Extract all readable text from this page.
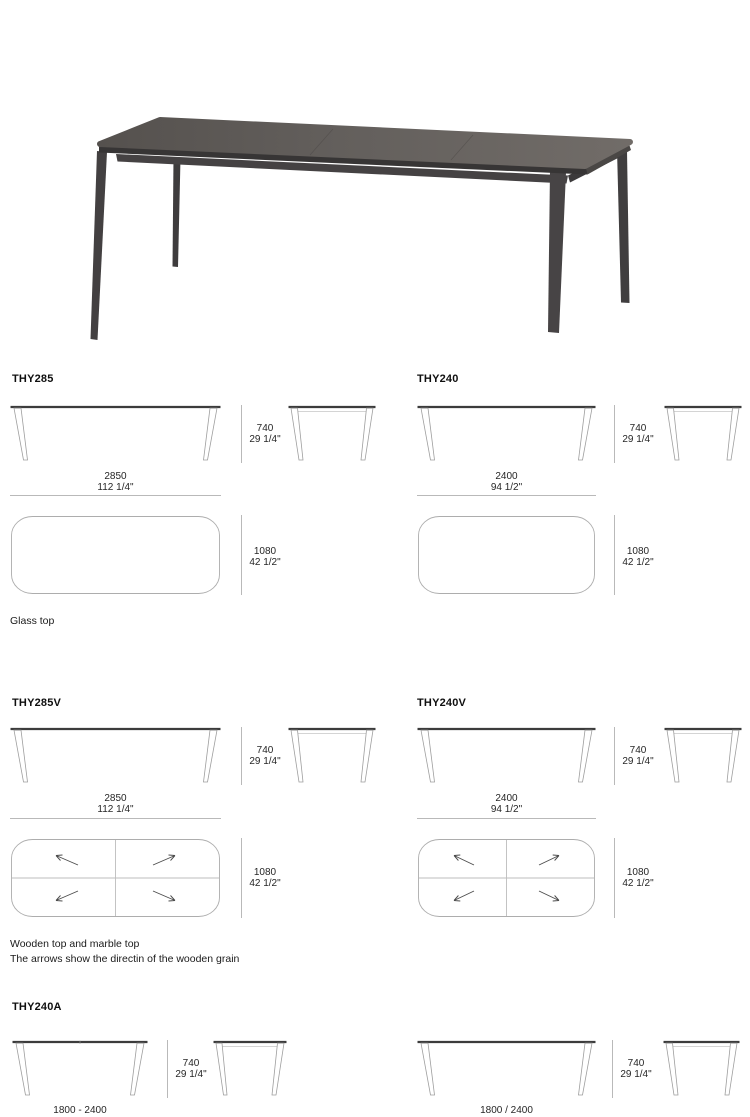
THY285	THY240
740
29 1/4"
2850
112 1/4"
740
29 1/4"
2400
94 1/2"
1080
42 1/2"
1080
42 1/2"
Glass top
THY285V	THY240V
740
29 1/4"
2850
112 1/4"
740
29 1/4"
2400
94 1/2"
1080
42 1/2"
1080
42 1/2"
Wooden top and marble top
The arrows show the directin of the wooden grain
THY240A
740
29 1/4"
1800 - 2400
740
29 1/4"
1800 / 2400
